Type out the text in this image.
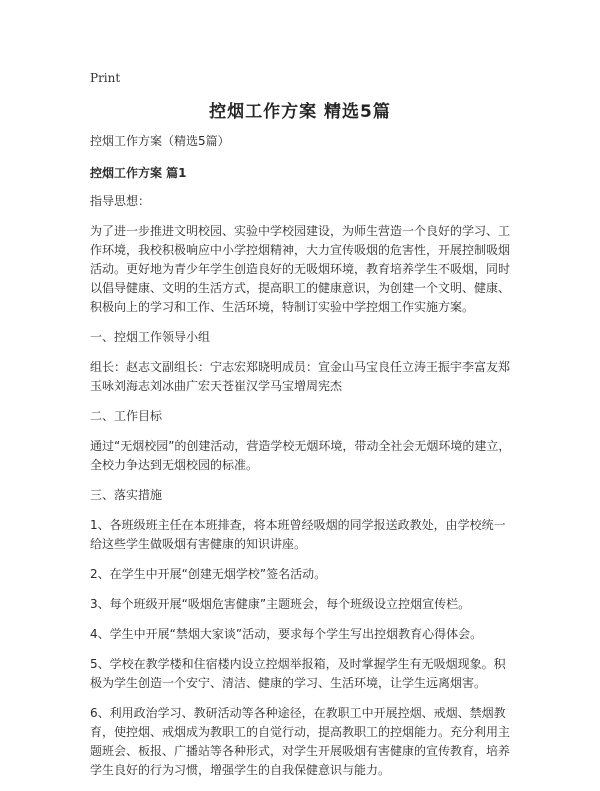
Print
控烟工作方案 精选5篇

控烟工作方案（精选5篇）

控烟工作方案 篇1

指导思想：

为了进一步推进文明校园、实验中学校园建设，为师生营造一个良好的学习、工作环境，我校积极响应中小学控烟精神，大力宣传吸烟的危害性，开展控制吸烟活动。更好地为青少年学生创造良好的无吸烟环境，教育培养学生不吸烟，同时以倡导健康、文明的生活方式，提高职工的健康意识，为创建一个文明、健康、积极向上的学习和工作、生活环境，特制订实验中学控烟工作实施方案。

一、控烟工作领导小组

组长：赵志文副组长：宁志宏郑晓明成员：宣金山马宝良任立涛王振宇李富友郑玉咏刘海志刘冰曲广宏天苍崔汉学马宝增周宪杰

二、工作目标

通过“无烟校园”的创建活动，营造学校无烟环境，带动全社会无烟环境的建立，全校力争达到无烟校园的标准。

三、落实措施

1、各班级班主任在本班排查，将本班曾经吸烟的同学报送政教处，由学校统一给这些学生做吸烟有害健康的知识讲座。

2、在学生中开展“创建无烟学校”签名活动。

3、每个班级开展“吸烟危害健康”主题班会，每个班级设立控烟宣传栏。

4、学生中开展“禁烟大家谈”活动，要求每个学生写出控烟教育心得体会。

5、学校在教学楼和住宿楼内设立控烟举报箱，及时掌握学生有无吸烟现象。积极为学生创造一个安宁、清洁、健康的学习、生活环境，让学生远离烟害。

6、利用政治学习、教研活动等各种途径，在教职工中开展控烟、戒烟、禁烟教育，使控烟、戒烟成为教职工的自觉行动，提高教职工的控烟能力。充分利用主题班会、板报、广播站等各种形式，对学生开展吸烟有害健康的宣传教育，培养学生良好的行为习惯，增强学生的自我保健意识与能力。
